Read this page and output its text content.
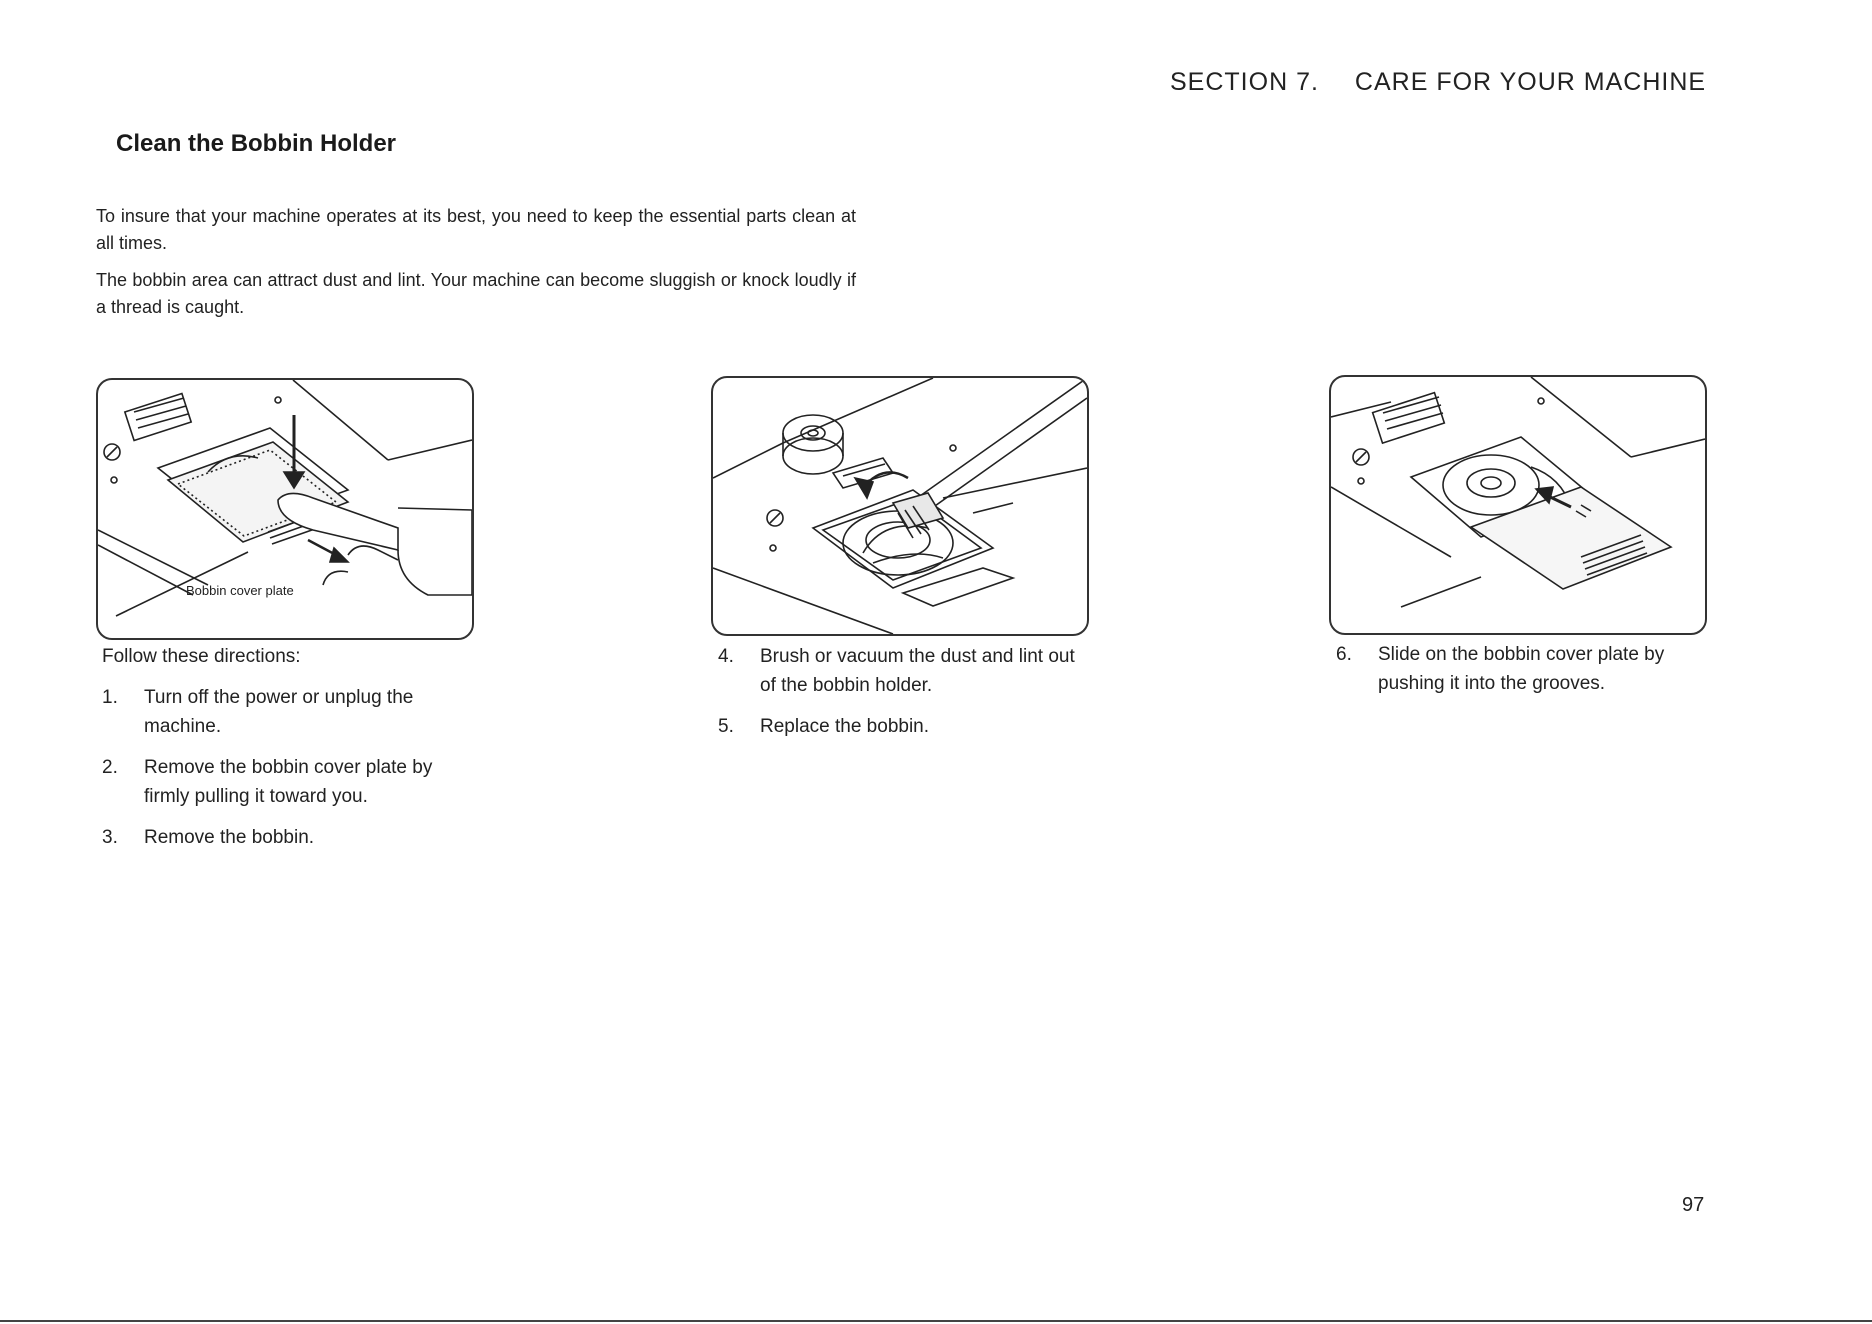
SECTION 7. CARE FOR YOUR MACHINE
Clean the Bobbin Holder

To insure that your machine operates at its best, you need to keep the essential parts clean at all times.

The bobbin area can attract dust and lint. Your machine can become sluggish or knock loudly if a thread is caught.

Bobbin cover plate

Follow these directions:

1.	Turn off the power or unplug the machine.
2.	Remove the bobbin cover plate by firmly pulling it toward you.
3.	Remove the bobbin.
4.	Brush or vacuum the dust and lint out of the bobbin holder.
5.	Replace the bobbin.
6.	Slide on the bobbin cover plate by pushing it into the grooves.
97
